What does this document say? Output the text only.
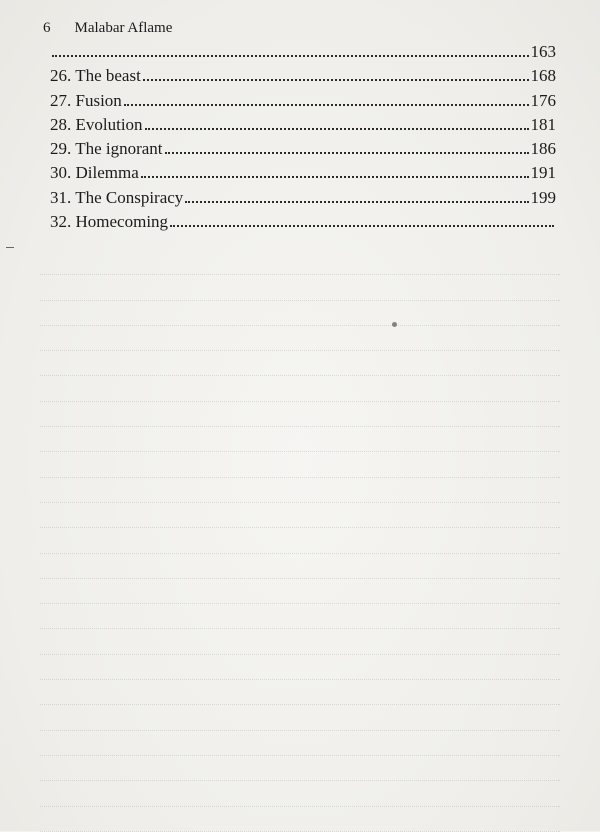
6 Malabar Aflame
163
26. The beast	168
27. Fusion	176
28. Evolution	181
29. The ignorant	186
30. Dilemma	191
31. The Conspiracy	199
32. Homecoming
